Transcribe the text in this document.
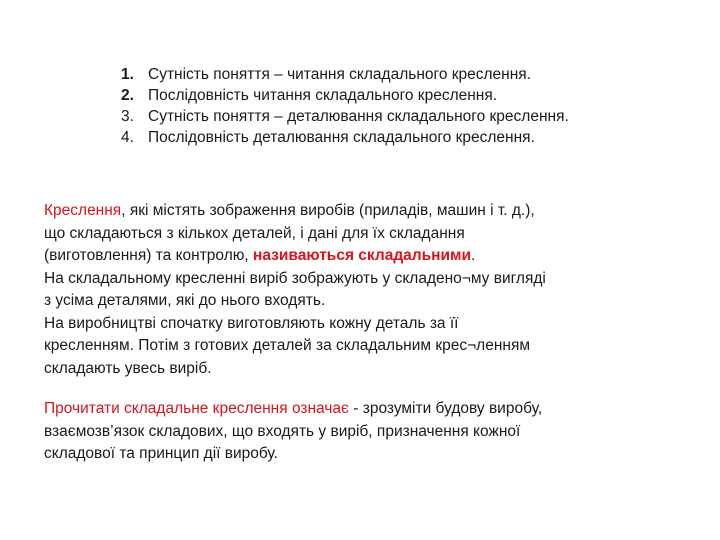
1. Сутність поняття – читання складального креслення.
2. Послідовність читання складального креслення.
3. Сутність поняття – деталювання складального креслення.
4. Послідовність деталювання складального креслення.
Креслення, які містять зображення виробів (приладів, машин і т. д.),
що складаються з кількох деталей, і дані для їх складання
(виготовлення) та контролю, називаються складальними.
На складальному кресленні виріб зображують у складено¬му вигляді
з усіма деталями, які до нього входять.
На виробництві спочатку виготовляють кожну деталь за її
кресленням. Потім з готових деталей за складальним крес¬ленням
складають увесь виріб.
Прочитати складальне креслення означає - зрозуміти будову виробу,
взаємозв’язок складових, що входять у виріб, призначення кожної
складової та принцип дії виробу.
